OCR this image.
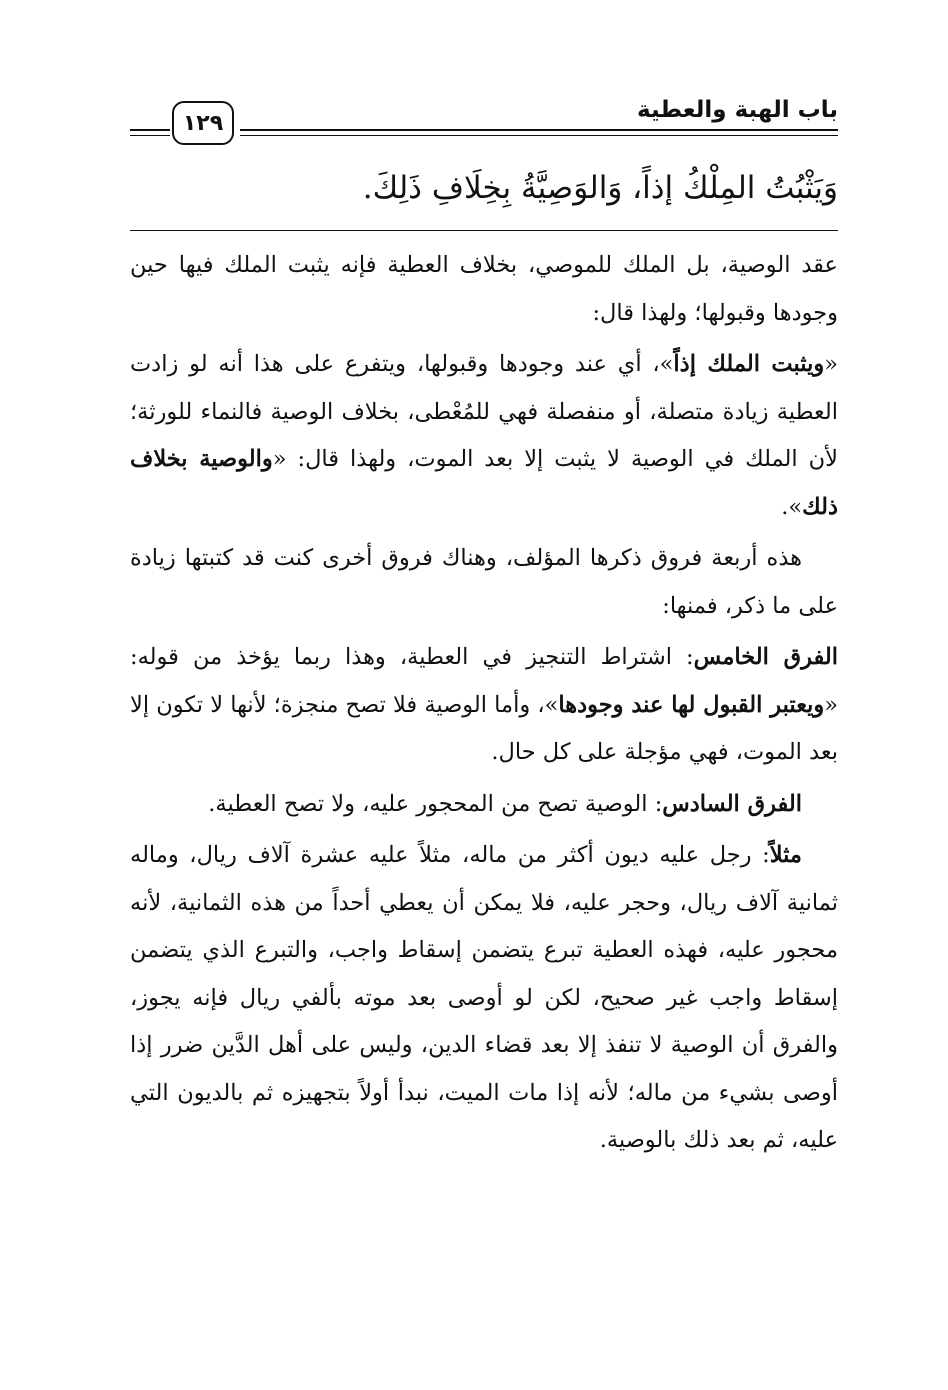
باب الهبة والعطية
١٢٩
وَيَثْبُتُ المِلْكُ إذاً، وَالوَصِيَّةُ بِخِلَافِ ذَلِكَ.

عقد الوصية، بل الملك للموصي، بخلاف العطية فإنه يثبت الملك فيها حين وجودها وقبولها؛ ولهذا قال:

«ويثبت الملك إذاً»، أي عند وجودها وقبولها، ويتفرع على هذا أنه لو زادت العطية زيادة متصلة، أو منفصلة فهي للمُعْطى، بخلاف الوصية فالنماء للورثة؛ لأن الملك في الوصية لا يثبت إلا بعد الموت، ولهذا قال: «والوصية بخلاف ذلك».

هذه أربعة فروق ذكرها المؤلف، وهناك فروق أخرى كنت قد كتبتها زيادة على ما ذكر، فمنها:

الفرق الخامس: اشتراط التنجيز في العطية، وهذا ربما يؤخذ من قوله: «ويعتبر القبول لها عند وجودها»، وأما الوصية فلا تصح منجزة؛ لأنها لا تكون إلا بعد الموت، فهي مؤجلة على كل حال.

الفرق السادس: الوصية تصح من المحجور عليه، ولا تصح العطية.

مثلاً: رجل عليه ديون أكثر من ماله، مثلاً عليه عشرة آلاف ريال، وماله ثمانية آلاف ريال، وحجر عليه، فلا يمكن أن يعطي أحداً من هذه الثمانية، لأنه محجور عليه، فهذه العطية تبرع يتضمن إسقاط واجب، والتبرع الذي يتضمن إسقاط واجب غير صحيح، لكن لو أوصى بعد موته بألفي ريال فإنه يجوز، والفرق أن الوصية لا تنفذ إلا بعد قضاء الدين، وليس على أهل الدَّين ضرر إذا أوصى بشيء من ماله؛ لأنه إذا مات الميت، نبدأ أولاً بتجهيزه ثم بالديون التي عليه، ثم بعد ذلك بالوصية.
